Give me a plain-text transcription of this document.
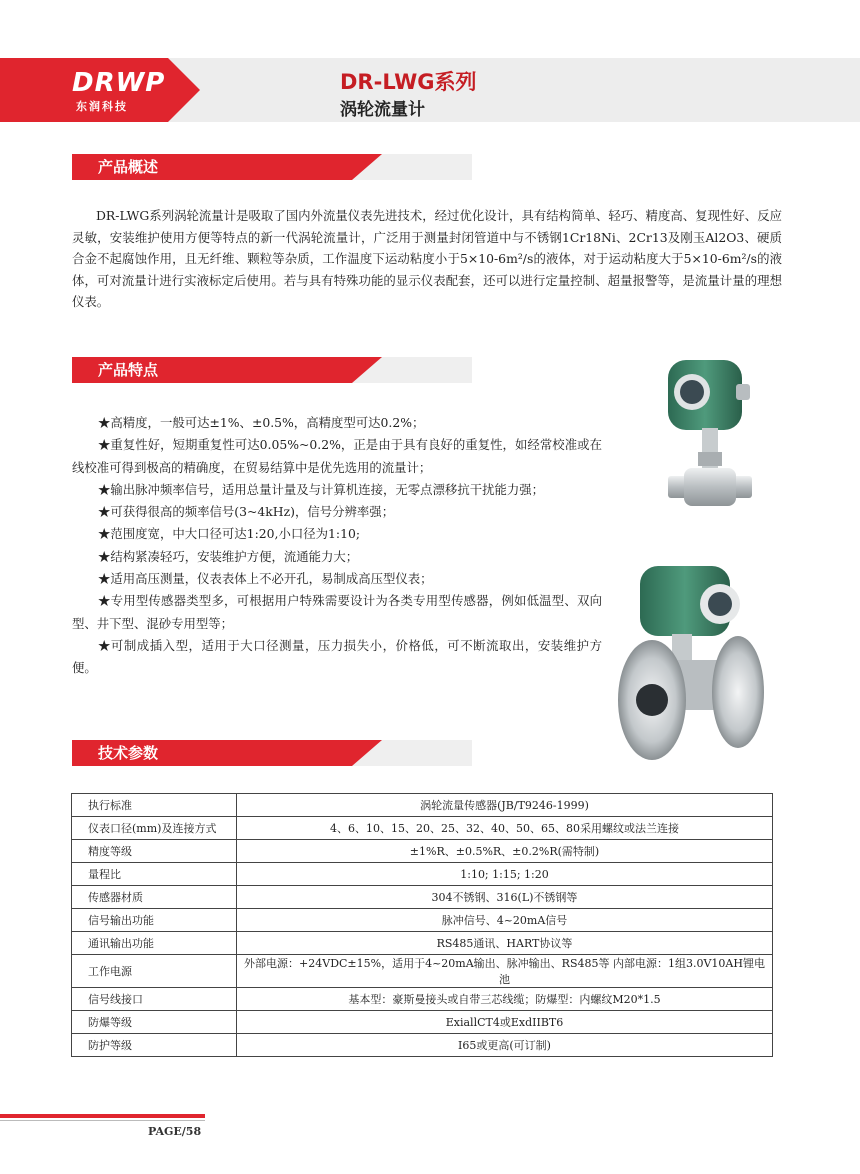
DRWP
东润科技
DR-LWG系列
涡轮流量计
产品概述
DR-LWG系列涡轮流量计是吸取了国内外流量仪表先进技术，经过优化设计，具有结构简单、轻巧、精度高、复现性好、反应灵敏，安装维护使用方便等特点的新一代涡轮流量计，广泛用于测量封闭管道中与不锈钢1Cr18Ni、2Cr13及刚玉Al2O3、硬质合金不起腐蚀作用，且无纤维、颗粒等杂质，工作温度下运动粘度小于5×10-6m²/s的液体，对于运动粘度大于5×10-6m²/s的液体，可对流量计进行实液标定后使用。若与具有特殊功能的显示仪表配套，还可以进行定量控制、超量报警等，是流量计量的理想仪表。
产品特点
★高精度，一般可达±1%、±0.5%，高精度型可达0.2%；
★重复性好，短期重复性可达0.05%~0.2%，正是由于具有良好的重复性，如经常校准或在线校准可得到极高的精确度，在贸易结算中是优先选用的流量计；
★输出脉冲频率信号，适用总量计量及与计算机连接，无零点漂移抗干扰能力强；
★可获得很高的频率信号(3~4kHz)，信号分辨率强；
★范围度宽，中大口径可达1:20,小口径为1:10;
★结构紧凑轻巧，安装维护方便，流通能力大；
★适用高压测量，仪表表体上不必开孔，易制成高压型仪表；
★专用型传感器类型多，可根据用户特殊需要设计为各类专用型传感器，例如低温型、双向型、井下型、混砂专用型等；
★可制成插入型，适用于大口径测量，压力损失小，价格低，可不断流取出，安装维护方便。
技术参数
执行标准	涡轮流量传感器(JB/T9246-1999)
仪表口径(mm)及连接方式	4、6、10、15、20、25、32、40、50、65、80采用螺纹或法兰连接
精度等级	±1%R、±0.5%R、±0.2%R(需特制)
量程比	1:10; 1:15; 1:20
传感器材质	304不锈钢、316(L)不锈钢等
信号输出功能	脉冲信号、4~20mA信号
通讯输出功能	RS485通讯、HART协议等
工作电源	外部电源：+24VDC±15%，适用于4~20mA输出、脉冲输出、RS485等 内部电源：1组3.0V10AH锂电池
信号线接口	基本型：豪斯曼接头或自带三芯线缆；防爆型：内螺纹M20*1.5
防爆等级	ExiallCT4或ExdIIBT6
防护等级	I65或更高(可订制)
PAGE/58
